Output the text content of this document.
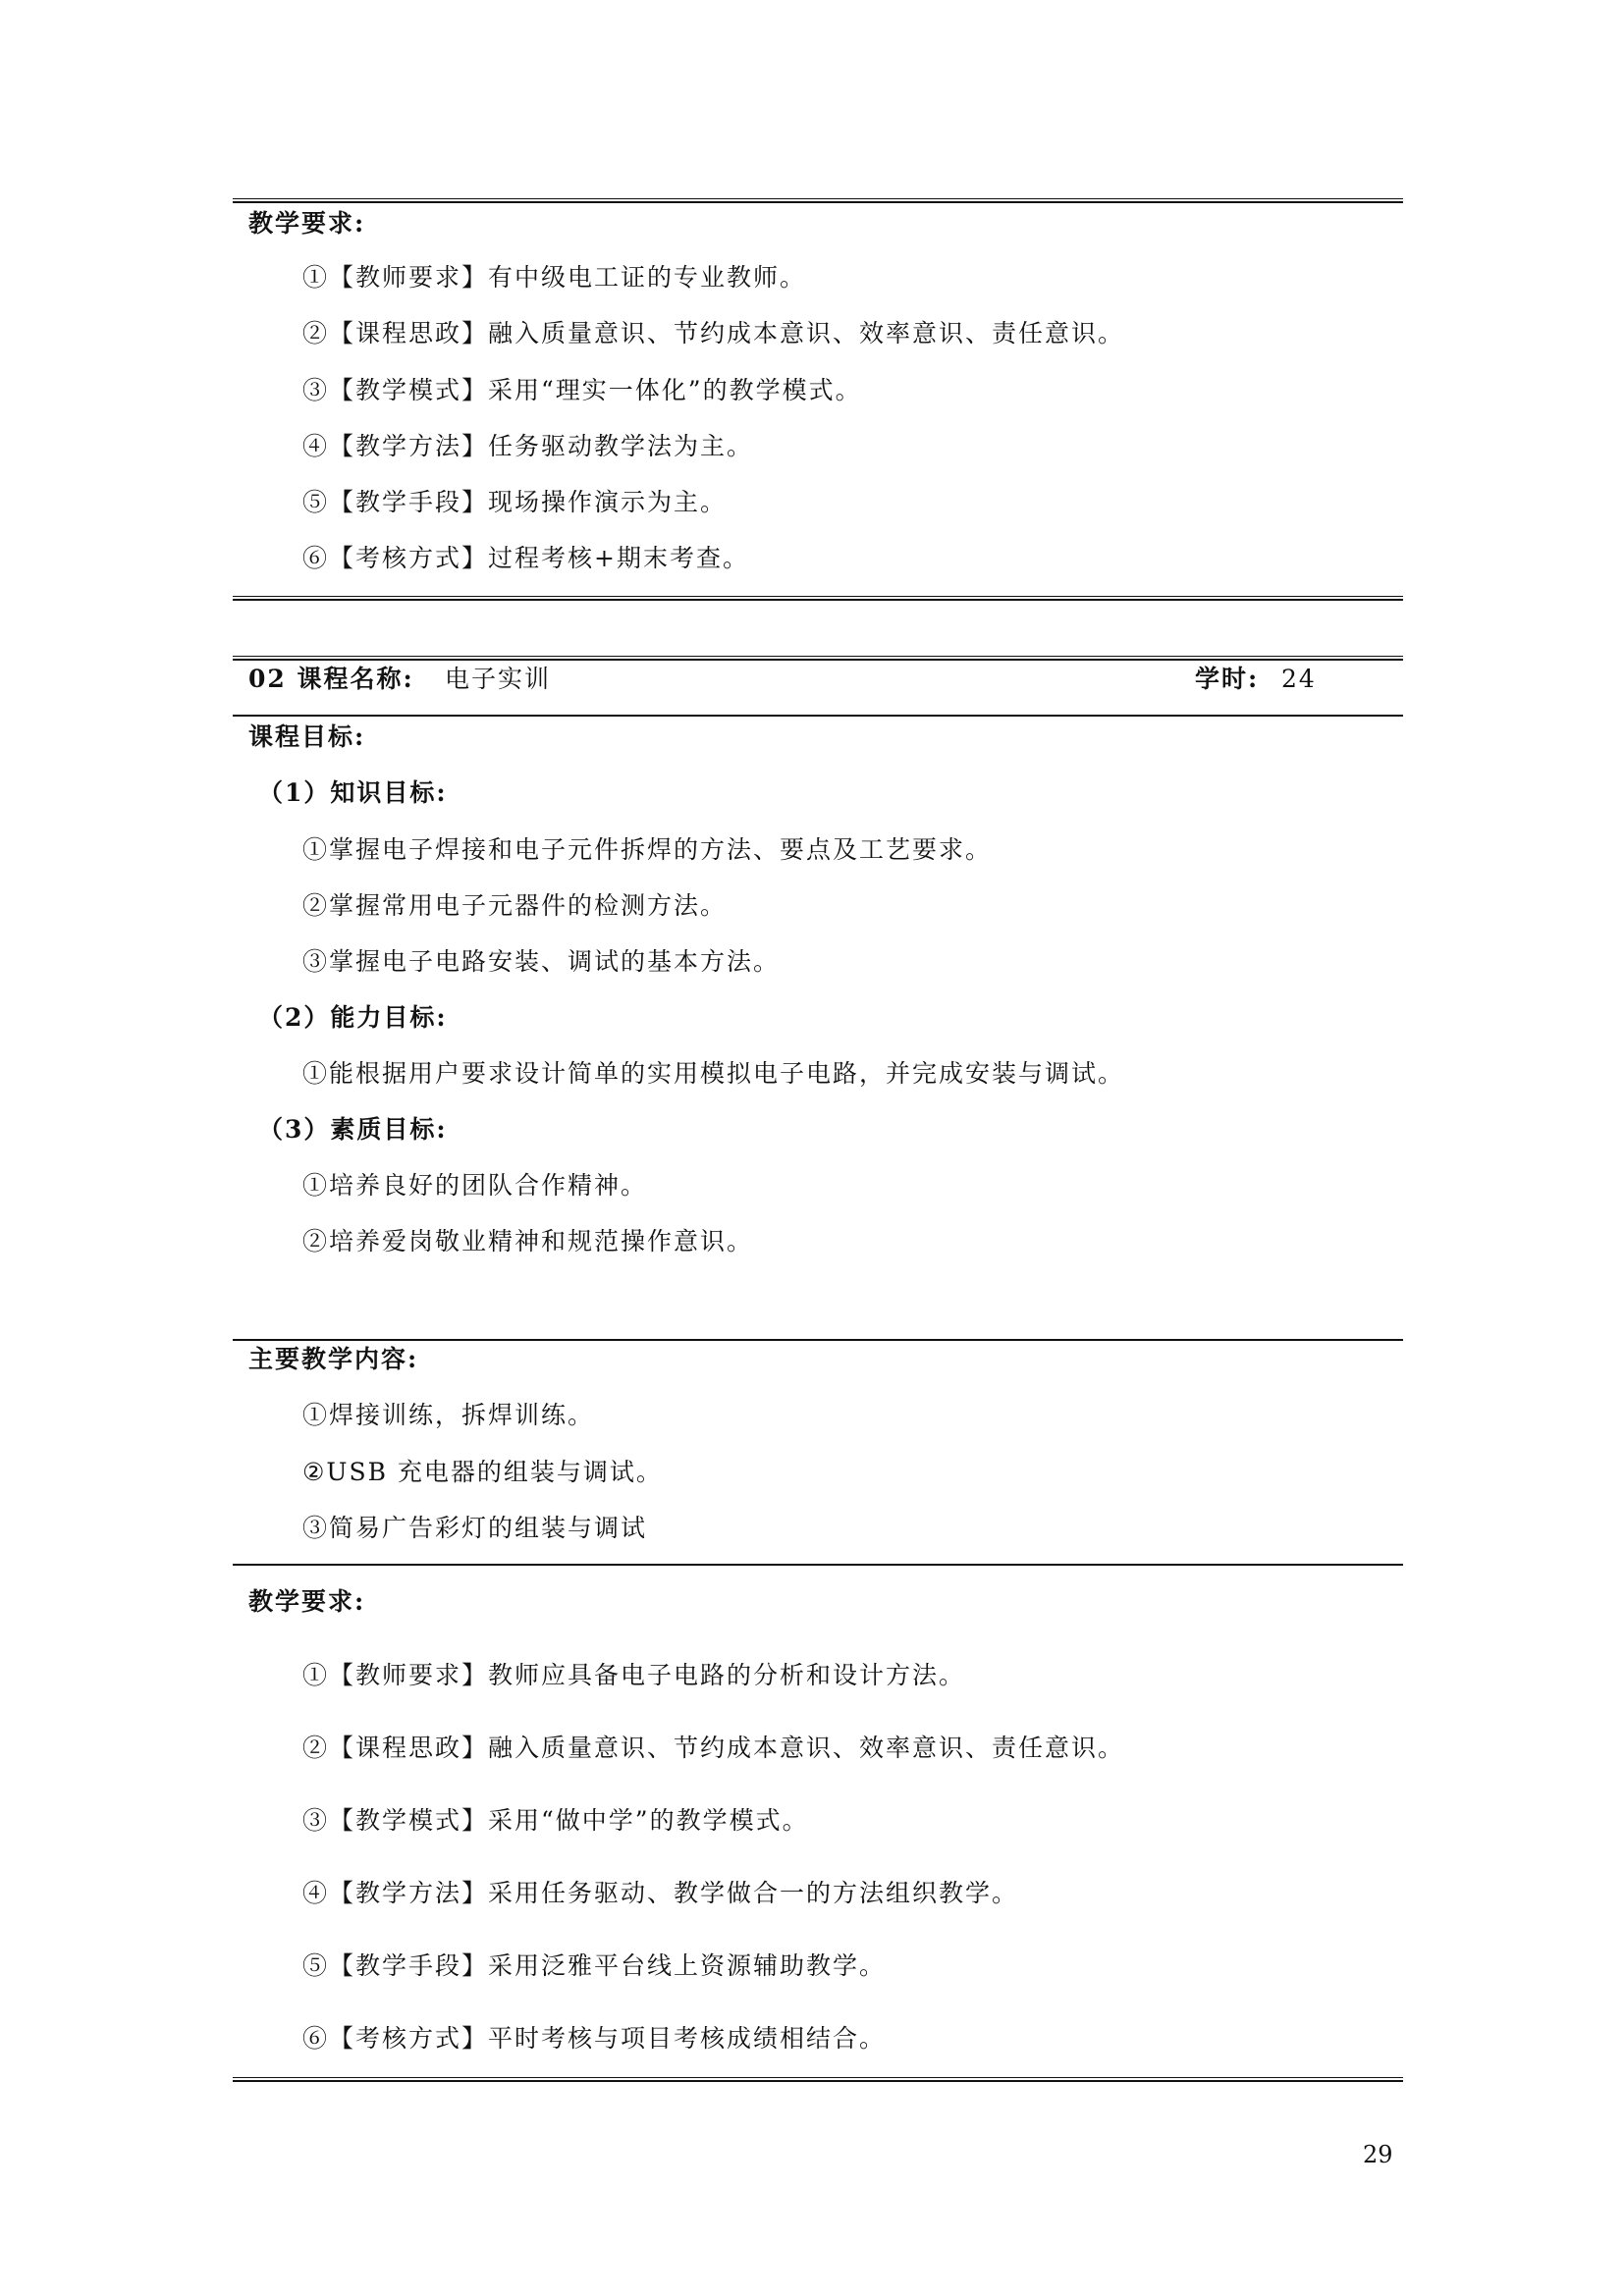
教学要求:
①【教师要求】有中级电工证的专业教师。
②【课程思政】融入质量意识、节约成本意识、效率意识、责任意识。
③【教学模式】采用“理实一体化”的教学模式。
④【教学方法】任务驱动教学法为主。
⑤【教学手段】现场操作演示为主。
⑥【考核方式】过程考核+期末考查。
02 课程名称: 电子实训	学时: 24
课程目标:
（1）知识目标:
①掌握电子焊接和电子元件拆焊的方法、要点及工艺要求。
②掌握常用电子元器件的检测方法。
③掌握电子电路安装、调试的基本方法。
（2）能力目标:
①能根据用户要求设计简单的实用模拟电子电路，并完成安装与调试。
（3）素质目标:
①培养良好的团队合作精神。
②培养爱岗敬业精神和规范操作意识。
主要教学内容:
①焊接训练，拆焊训练。
②USB 充电器的组装与调试。
③简易广告彩灯的组装与调试
教学要求:
①【教师要求】教师应具备电子电路的分析和设计方法。
②【课程思政】融入质量意识、节约成本意识、效率意识、责任意识。
③【教学模式】采用“做中学”的教学模式。
④【教学方法】采用任务驱动、教学做合一的方法组织教学。
⑤【教学手段】采用泛雅平台线上资源辅助教学。
⑥【考核方式】平时考核与项目考核成绩相结合。
29
